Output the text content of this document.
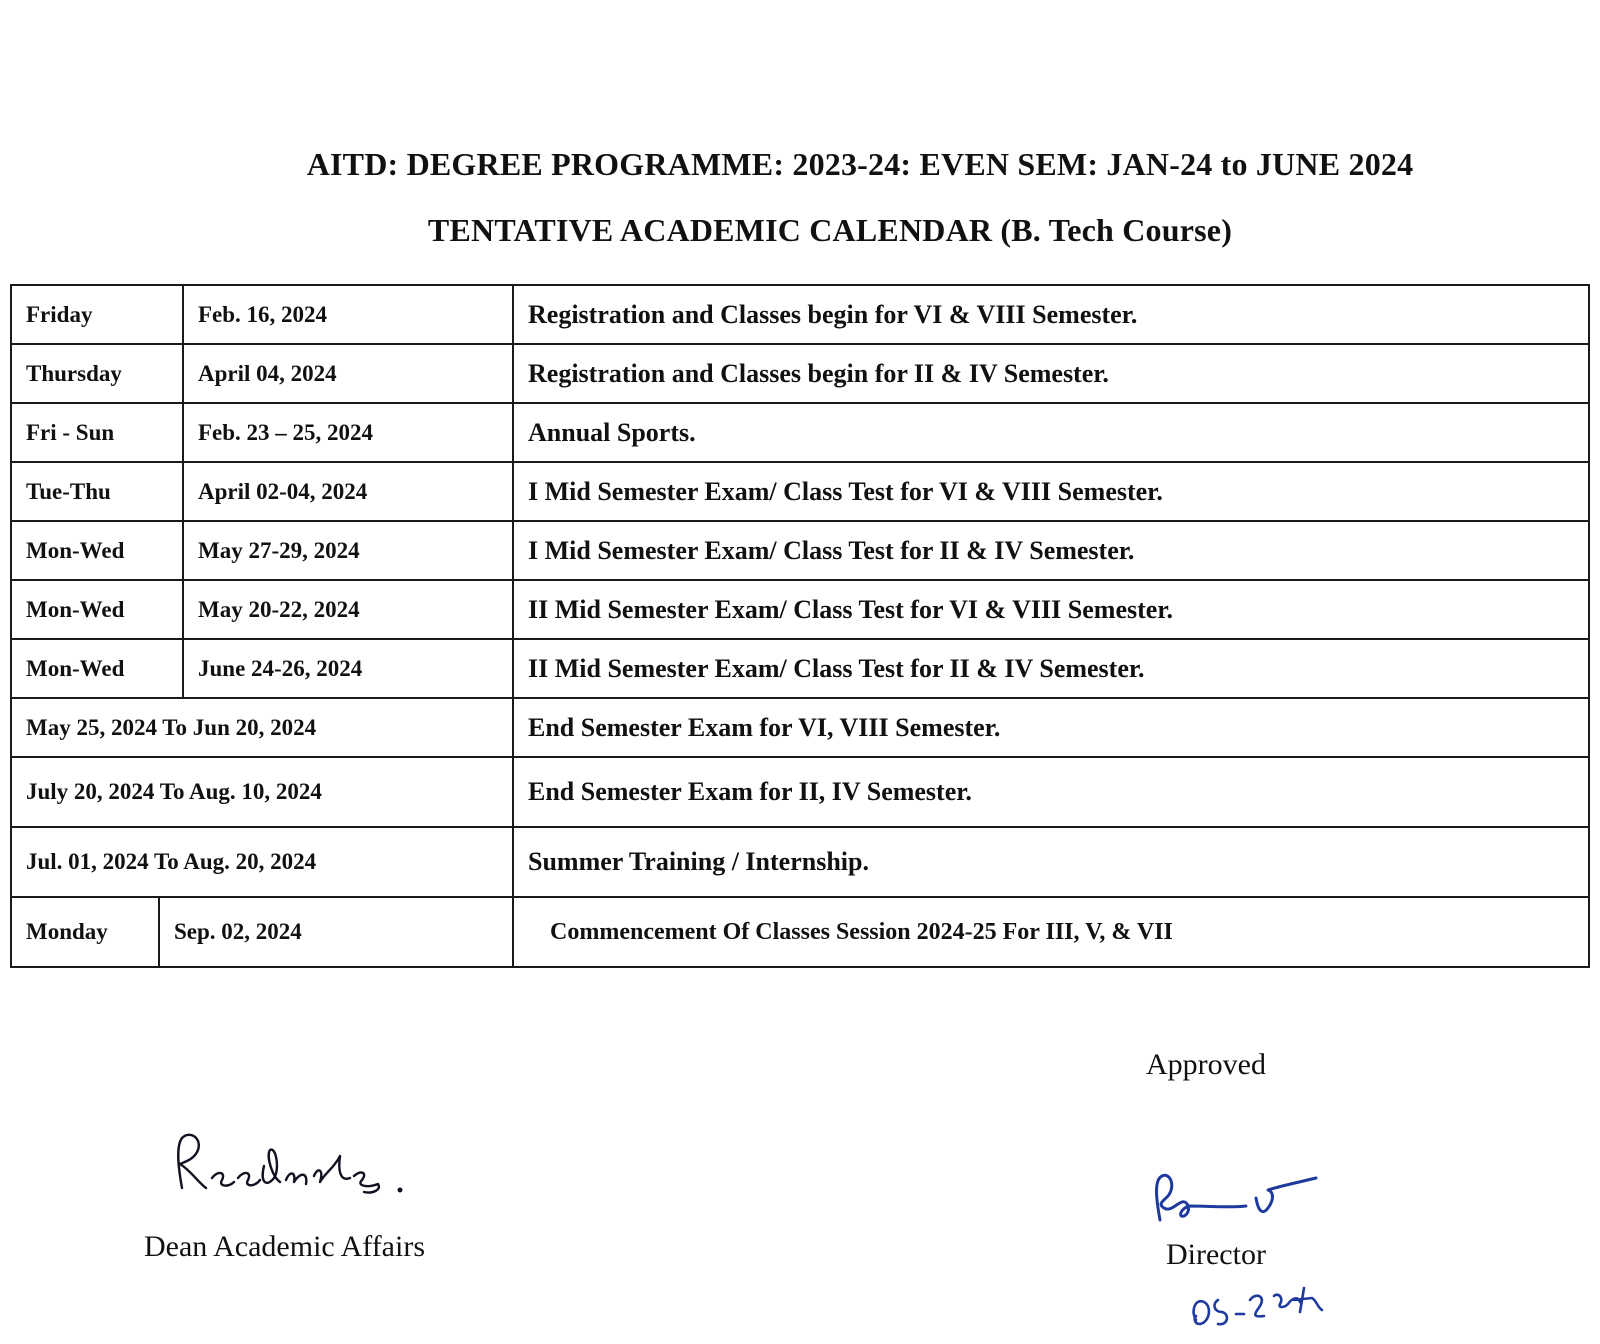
AITD: DEGREE PROGRAMME: 2023-24: EVEN SEM: JAN-24 to JUNE 2024
TENTATIVE ACADEMIC CALENDAR (B. Tech Course)
Friday	Feb. 16, 2024	Registration and Classes begin for VI & VIII Semester.
Thursday	April 04, 2024	Registration and Classes begin for II & IV Semester.
Fri - Sun	Feb. 23 – 25, 2024	Annual Sports.
Tue-Thu	April 02-04, 2024	I Mid Semester Exam/ Class Test for VI & VIII Semester.
Mon-Wed	May 27-29, 2024	I Mid Semester Exam/ Class Test for II & IV Semester.
Mon-Wed	May 20-22, 2024	II Mid Semester Exam/ Class Test for VI & VIII Semester.
Mon-Wed	June 24-26, 2024	II Mid Semester Exam/ Class Test for II & IV Semester.
May 25, 2024 To Jun 20, 2024		End Semester Exam for VI, VIII Semester.
July 20, 2024 To Aug. 10, 2024		End Semester Exam for II, IV Semester.
Jul. 01, 2024 To Aug. 20, 2024		Summer Training / Internship.

Monday Sep. 02, 2024		Commencement Of Classes Session 2024-25 For III, V, & VII
Approved
Dean Academic Affairs	Director
